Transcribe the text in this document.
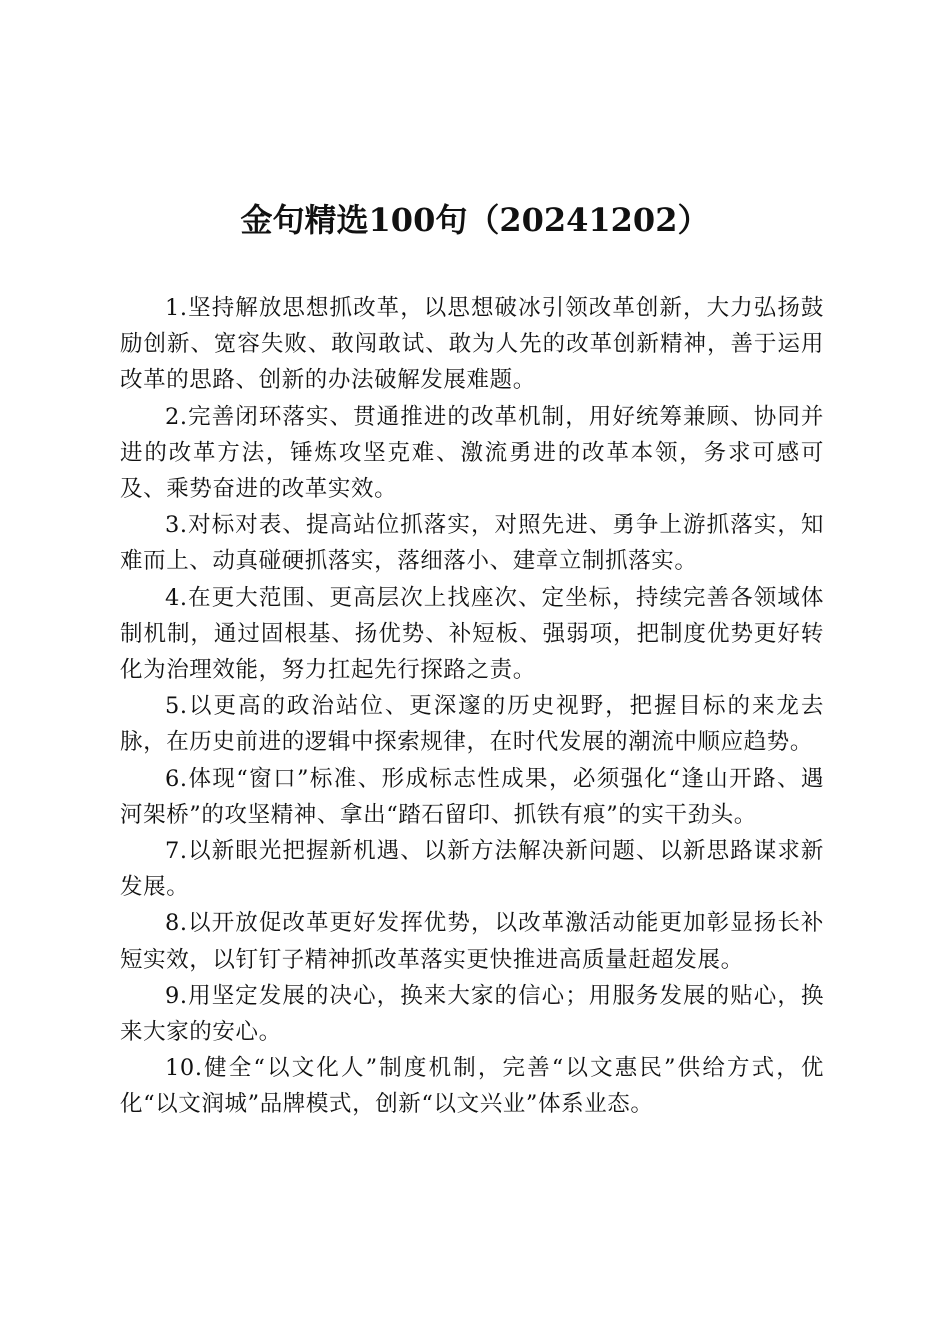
金句精选100句（20241202）

1.坚持解放思想抓改革，以思想破冰引领改革创新，大力弘扬鼓励创新、宽容失败、敢闯敢试、敢为人先的改革创新精神，善于运用改革的思路、创新的办法破解发展难题。

2.完善闭环落实、贯通推进的改革机制，用好统筹兼顾、协同并进的改革方法，锤炼攻坚克难、激流勇进的改革本领，务求可感可及、乘势奋进的改革实效。

3.对标对表、提高站位抓落实，对照先进、勇争上游抓落实，知难而上、动真碰硬抓落实，落细落小、建章立制抓落实。

4.在更大范围、更高层次上找座次、定坐标，持续完善各领域体制机制，通过固根基、扬优势、补短板、强弱项，把制度优势更好转化为治理效能，努力扛起先行探路之责。

5.以更高的政治站位、更深邃的历史视野，把握目标的来龙去脉，在历史前进的逻辑中探索规律，在时代发展的潮流中顺应趋势。

6.体现“窗口”标准、形成标志性成果，必须强化“逢山开路、遇河架桥”的攻坚精神、拿出“踏石留印、抓铁有痕”的实干劲头。

7.以新眼光把握新机遇、以新方法解决新问题、以新思路谋求新发展。

8.以开放促改革更好发挥优势，以改革激活动能更加彰显扬长补短实效，以钉钉子精神抓改革落实更快推进高质量赶超发展。

9.用坚定发展的决心，换来大家的信心；用服务发展的贴心，换来大家的安心。

10.健全“以文化人”制度机制，完善“以文惠民”供给方式，优化“以文润城”品牌模式，创新“以文兴业”体系业态。
